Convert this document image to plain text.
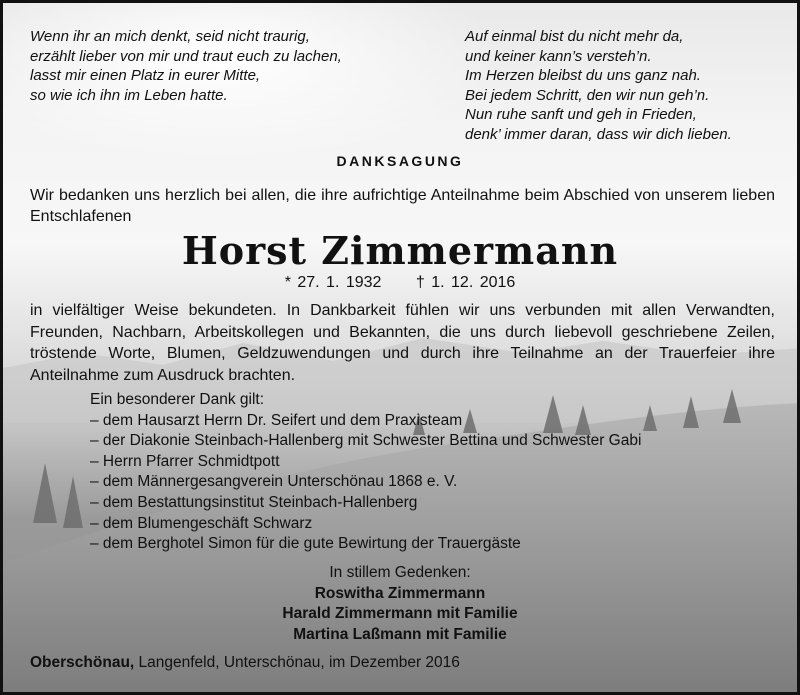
Wenn ihr an mich denkt, seid nicht traurig,
erzählt lieber von mir und traut euch zu lachen,
lasst mir einen Platz in eurer Mitte,
so wie ich ihn im Leben hatte.
Auf einmal bist du nicht mehr da,
und keiner kann’s versteh’n.
Im Herzen bleibst du uns ganz nah.
Bei jedem Schritt, den wir nun geh’n.
Nun ruhe sanft und geh in Frieden,
denk’ immer daran, dass wir dich lieben.
DANKSAGUNG
Wir bedanken uns herzlich bei allen, die ihre aufrichtige Anteilnahme beim Abschied von unserem lieben Entschlafenen
Horst Zimmermann
* 27. 1. 1932 † 1. 12. 2016
in vielfältiger Weise bekundeten. In Dankbarkeit fühlen wir uns verbunden mit allen Verwandten, Freunden, Nachbarn, Arbeitskollegen und Bekannten, die uns durch liebevoll geschriebene Zeilen, tröstende Worte, Blumen, Geldzuwendungen und durch ihre Teilnahme an der Trauerfeier ihre Anteilnahme zum Ausdruck brachten.
Ein besonderer Dank gilt:
– dem Hausarzt Herrn Dr. Seifert und dem Praxisteam
– der Diakonie Steinbach-Hallenberg mit Schwester Bettina und Schwester Gabi
– Herrn Pfarrer Schmidtpott
– dem Männergesangverein Unterschönau 1868 e. V.
– dem Bestattungsinstitut Steinbach-Hallenberg
– dem Blumengeschäft Schwarz
– dem Berghotel Simon für die gute Bewirtung der Trauergäste
In stillem Gedenken:
Roswitha Zimmermann
Harald Zimmermann mit Familie
Martina Laßmann mit Familie
Oberschönau, Langenfeld, Unterschönau, im Dezember 2016
